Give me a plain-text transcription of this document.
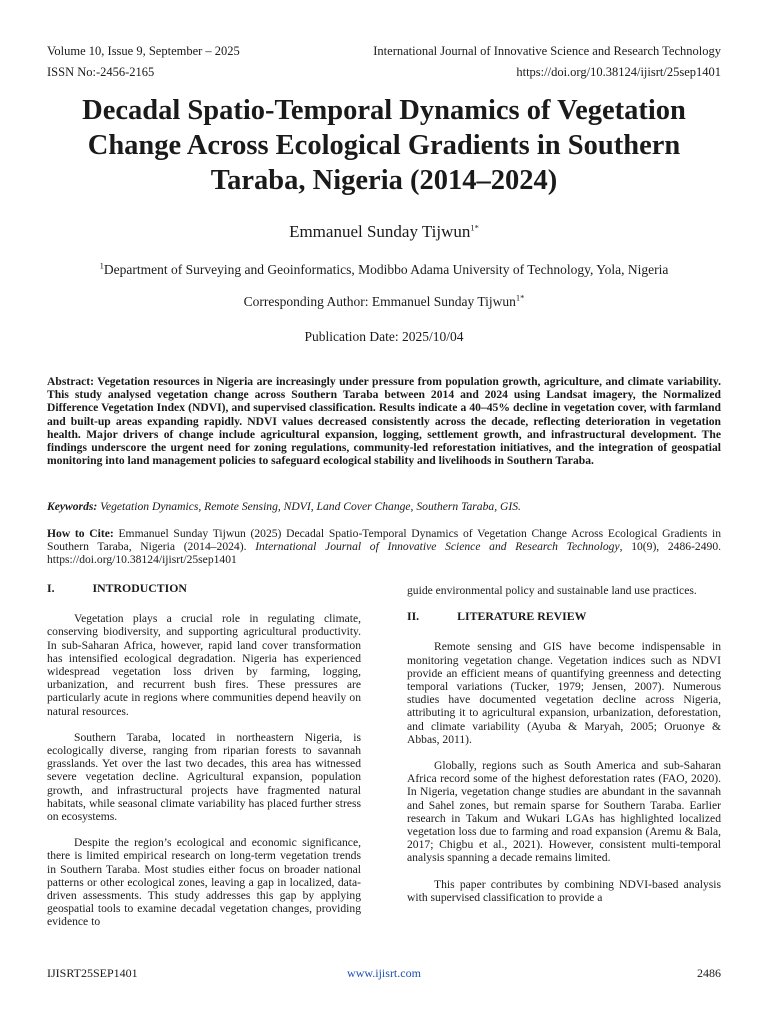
Volume 10, Issue 9, September – 2025
ISSN No:-2456-2165
International Journal of Innovative Science and Research Technology
https://doi.org/10.38124/ijisrt/25sep1401
Decadal Spatio-Temporal Dynamics of Vegetation Change Across Ecological Gradients in Southern Taraba, Nigeria (2014–2024)
Emmanuel Sunday Tijwun$^{1*}$
$^1$Department of Surveying and Geoinformatics, Modibbo Adama University of Technology, Yola, Nigeria
Corresponding Author: Emmanuel Sunday Tijwun$^{1*}$
Publication Date: 2025/10/04

Abstract: Vegetation resources in Nigeria are increasingly under pressure from population growth, agriculture, and climate variability. This study analysed vegetation change across Southern Taraba between 2014 and 2024 using Landsat imagery, the Normalized Difference Vegetation Index (NDVI), and supervised classification. Results indicate a 40–45% decline in vegetation cover, with farmland and built-up areas expanding rapidly. NDVI values decreased consistently across the decade, reflecting deterioration in vegetation health. Major drivers of change include agricultural expansion, logging, settlement growth, and infrastructural development. The findings underscore the urgent need for zoning regulations, community-led reforestation initiatives, and the integration of geospatial monitoring into land management policies to safeguard ecological stability and livelihoods in Southern Taraba.

Keywords: Vegetation Dynamics, Remote Sensing, NDVI, Land Cover Change, Southern Taraba, GIS.

How to Cite: Emmanuel Sunday Tijwun (2025) Decadal Spatio-Temporal Dynamics of Vegetation Change Across Ecological Gradients in Southern Taraba, Nigeria (2014–2024). International Journal of Innovative Science and Research Technology, 10(9), 2486-2490. https://doi.org/10.38124/ijisrt/25sep1401

I.	INTRODUCTION

Vegetation plays a crucial role in regulating climate, conserving biodiversity, and supporting agricultural productivity. In sub-Saharan Africa, however, rapid land cover transformation has intensified ecological degradation. Nigeria has experienced widespread vegetation loss driven by farming, logging, urbanization, and recurrent bush fires. These pressures are particularly acute in regions where communities depend heavily on natural resources.

Southern Taraba, located in northeastern Nigeria, is ecologically diverse, ranging from riparian forests to savannah grasslands. Yet over the last two decades, this area has witnessed severe vegetation decline. Agricultural expansion, population growth, and infrastructural projects have fragmented natural habitats, while seasonal climate variability has placed further stress on ecosystems.

Despite the region’s ecological and economic significance, there is limited empirical research on long-term vegetation trends in Southern Taraba. Most studies either focus on broader national patterns or other ecological zones, leaving a gap in localized, data-driven assessments. This study addresses this gap by applying geospatial tools to examine decadal vegetation changes, providing evidence to

guide environmental policy and sustainable land use practices.

II.	LITERATURE REVIEW

Remote sensing and GIS have become indispensable in monitoring vegetation change. Vegetation indices such as NDVI provide an efficient means of quantifying greenness and detecting temporal variations (Tucker, 1979; Jensen, 2007). Numerous studies have documented vegetation decline across Nigeria, attributing it to agricultural expansion, urbanization, deforestation, and climate variability (Ayuba & Maryah, 2005; Oruonye & Abbas, 2011).

Globally, regions such as South America and sub-Saharan Africa record some of the highest deforestation rates (FAO, 2020). In Nigeria, vegetation change studies are abundant in the savannah and Sahel zones, but remain sparse for Southern Taraba. Earlier research in Takum and Wukari LGAs has highlighted localized vegetation loss due to farming and road expansion (Aremu & Bala, 2017; Chigbu et al., 2021). However, consistent multi-temporal analysis spanning a decade remains limited.

This paper contributes by combining NDVI-based analysis with supervised classification to provide a

IJISRT25SEP1401	www.ijisrt.com	2486
